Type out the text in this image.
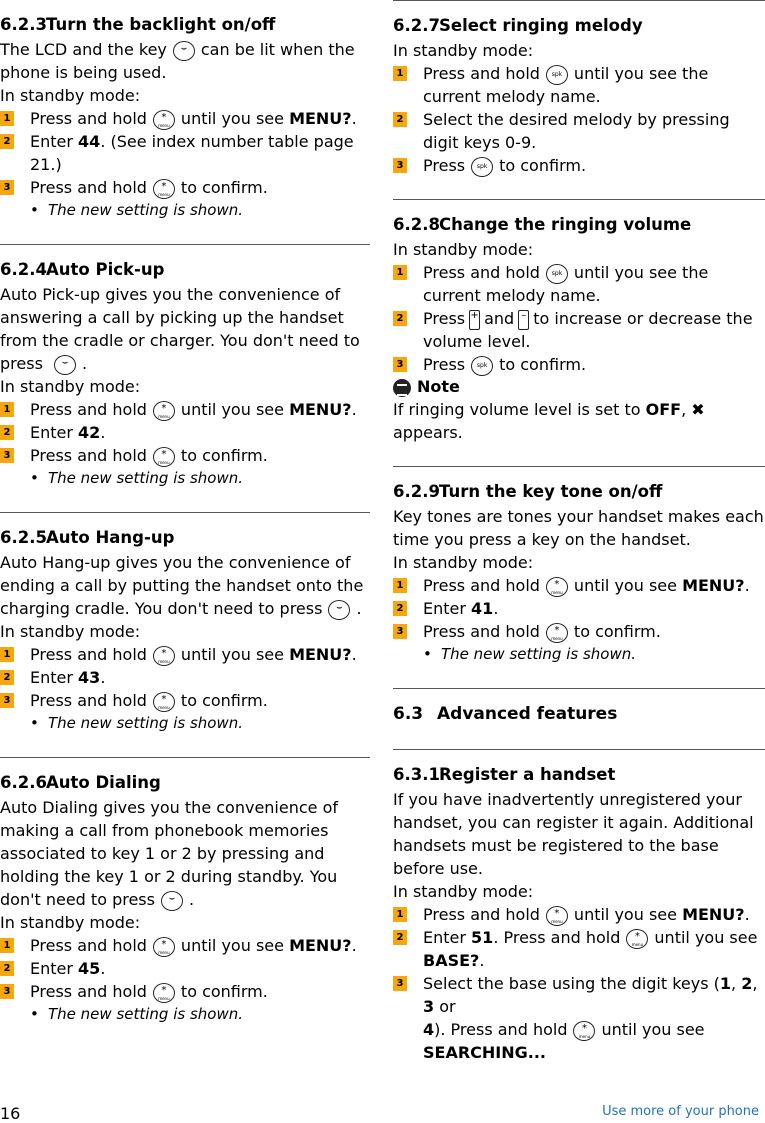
6.2.3Turn the backlight on/off

The LCD and the key ⌣ can be lit when the phone is being used.

In standby mode:

1 Press and hold * menu until you see MENU?.
2 Enter 44. (See index number table page 21.)
3 Press and hold * menu to confirm.
• The new setting is shown.
6.2.4Auto Pick-up

Auto Pick-up gives you the convenience of answering a call by picking up the handset from the cradle or charger. You don't need to press ⌣ .

In standby mode:

1 Press and hold * menu until you see MENU?.
2 Enter 42.
3 Press and hold * menu to confirm.
• The new setting is shown.
6.2.5Auto Hang-up

Auto Hang-up gives you the convenience of ending a call by putting the handset onto the charging cradle. You don't need to press ⌣ .

In standby mode:

1 Press and hold * menu until you see MENU?.
2 Enter 43.
3 Press and hold * menu to confirm.
• The new setting is shown.
6.2.6Auto Dialing

Auto Dialing gives you the convenience of making a call from phonebook memories associated to key 1 or 2 by pressing and holding the key 1 or 2 during standby. You don't need to press ⌣ .

In standby mode:

1 Press and hold * menu until you see MENU?.
2 Enter 45.
3 Press and hold * menu to confirm.
• The new setting is shown.
6.2.7Select ringing melody

In standby mode:

1 Press and hold spk until you see the current melody name.
2 Select the desired melody by pressing digit keys 0-9.
3 Press spk to confirm.
6.2.8Change the ringing volume

In standby mode:

1 Press and hold spk until you see the current melody name.
2 Press + and – to increase or decrease the volume level.
3 Press spk to confirm.
Note

If ringing volume level is set to OFF, ✖ appears.

6.2.9Turn the key tone on/off

Key tones are tones your handset makes each time you press a key on the handset.

In standby mode:

1 Press and hold * menu until you see MENU?.
2 Enter 41.
3 Press and hold * menu to confirm.
• The new setting is shown.
6.3 Advanced features
6.3.1Register a handset

If you have inadvertently unregistered your handset, you can register it again. Additional handsets must be registered to the base before use.

In standby mode:

1 Press and hold * menu until you see MENU?.
2 Enter 51. Press and hold * menu until you see BASE?.
3 Select the base using the digit keys (1, 2, 3 or
4). Press and hold * menu until you see
SEARCHING...
16	Use more of your phone
